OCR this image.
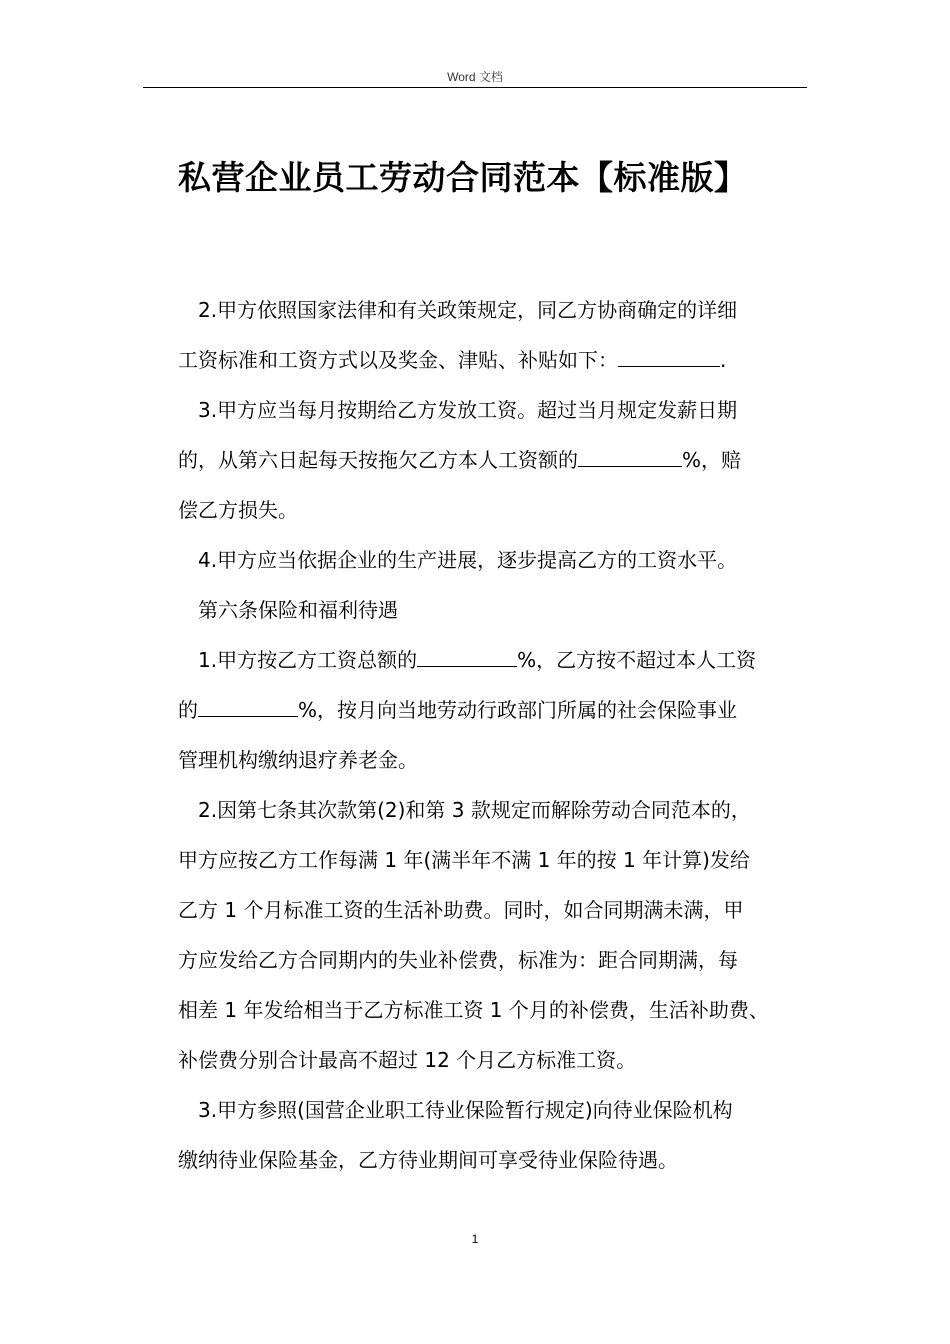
Word 文档
私营企业员工劳动合同范本【标准版】
2.甲方依照国家法律和有关政策规定，同乙方协商确定的详细
工资标准和工资方式以及奖金、津贴、补贴如下：	.
3.甲方应当每月按期给乙方发放工资。超过当月规定发薪日期
的，从第六日起每天按拖欠乙方本人工资额的	%，赔
偿乙方损失。
4.甲方应当依据企业的生产进展，逐步提高乙方的工资水平。
第六条保险和福利待遇
1.甲方按乙方工资总额的	%，乙方按不超过本人工资
的	%，按月向当地劳动行政部门所属的社会保险事业
管理机构缴纳退疗养老金。
2.因第七条其次款第(2)和第 3 款规定而解除劳动合同范本的，
甲方应按乙方工作每满 1 年(满半年不满 1 年的按 1 年计算)发给
乙方 1 个月标准工资的生活补助费。同时，如合同期满未满，甲
方应发给乙方合同期内的失业补偿费，标准为：距合同期满，每
相差 1 年发给相当于乙方标准工资 1 个月的补偿费，生活补助费、
补偿费分别合计最高不超过 12 个月乙方标准工资。
3.甲方参照(国营企业职工待业保险暂行规定)向待业保险机构
缴纳待业保险基金，乙方待业期间可享受待业保险待遇。
1
